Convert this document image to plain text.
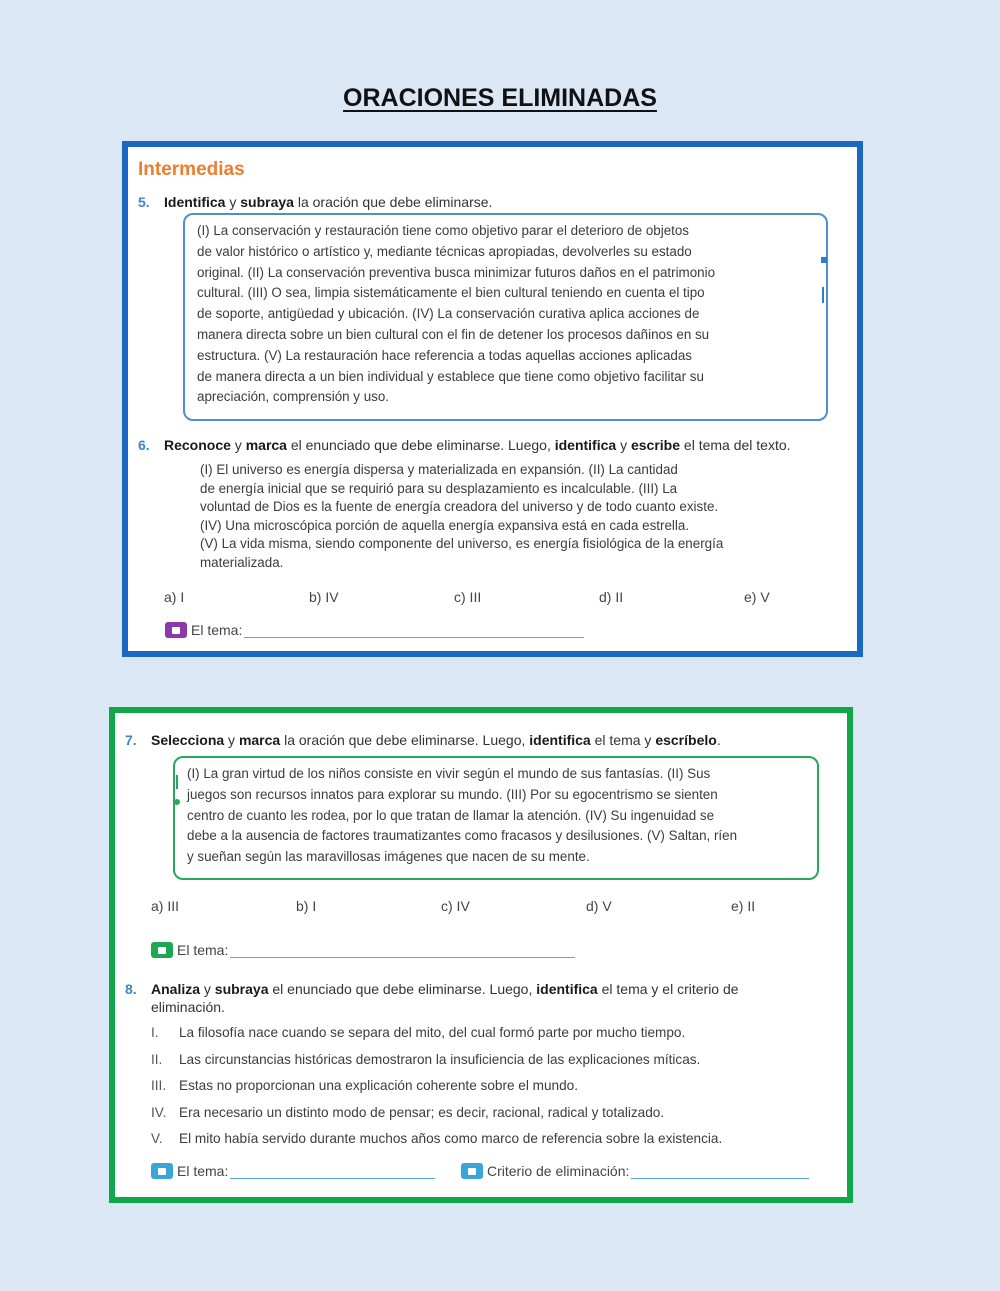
ORACIONES ELIMINADAS
Intermedias
5. Identifica y subraya la oración que debe eliminarse.
(I) La conservación y restauración tiene como objetivo parar el deterioro de objetos
de valor histórico o artístico y, mediante técnicas apropiadas, devolverles su estado
original. (II) La conservación preventiva busca minimizar futuros daños en el patrimonio
cultural. (III) O sea, limpia sistemáticamente el bien cultural teniendo en cuenta el tipo
de soporte, antigüedad y ubicación. (IV) La conservación curativa aplica acciones de
manera directa sobre un bien cultural con el fin de detener los procesos dañinos en su
estructura. (V) La restauración hace referencia a todas aquellas acciones aplicadas
de manera directa a un bien individual y establece que tiene como objetivo facilitar su
apreciación, comprensión y uso.
6. Reconoce y marca el enunciado que debe eliminarse. Luego, identifica y escribe el tema del texto.
(I) El universo es energía dispersa y materializada en expansión. (II) La cantidad
de energía inicial que se requirió para su desplazamiento es incalculable. (III) La
voluntad de Dios es la fuente de energía creadora del universo y de todo cuanto existe.
(IV) Una microscópica porción de aquella energía expansiva está en cada estrella.
(V) La vida misma, siendo componente del universo, es energía fisiológica de la energía
materializada.
a) I	b) IV	c) III	d) II	e) V
El tema:
7. Selecciona y marca la oración que debe eliminarse. Luego, identifica el tema y escríbelo.
(I) La gran virtud de los niños consiste en vivir según el mundo de sus fantasías. (II) Sus
juegos son recursos innatos para explorar su mundo. (III) Por su egocentrismo se sienten
centro de cuanto les rodea, por lo que tratan de llamar la atención. (IV) Su ingenuidad se
debe a la ausencia de factores traumatizantes como fracasos y desilusiones. (V) Saltan, ríen
y sueñan según las maravillosas imágenes que nacen de su mente.
a) III	b) I	c) IV	d) V	e) II
El tema:
8. Analiza y subraya el enunciado que debe eliminarse. Luego, identifica el tema y el criterio de
eliminación.
I.	La filosofía nace cuando se separa del mito, del cual formó parte por mucho tiempo.
II.	Las circunstancias históricas demostraron la insuficiencia de las explicaciones míticas.
III. Estas no proporcionan una explicación coherente sobre el mundo.
IV. Era necesario un distinto modo de pensar; es decir, racional, radical y totalizado.
V.	El mito había servido durante muchos años como marco de referencia sobre la existencia.
El tema:	Criterio de eliminación:
